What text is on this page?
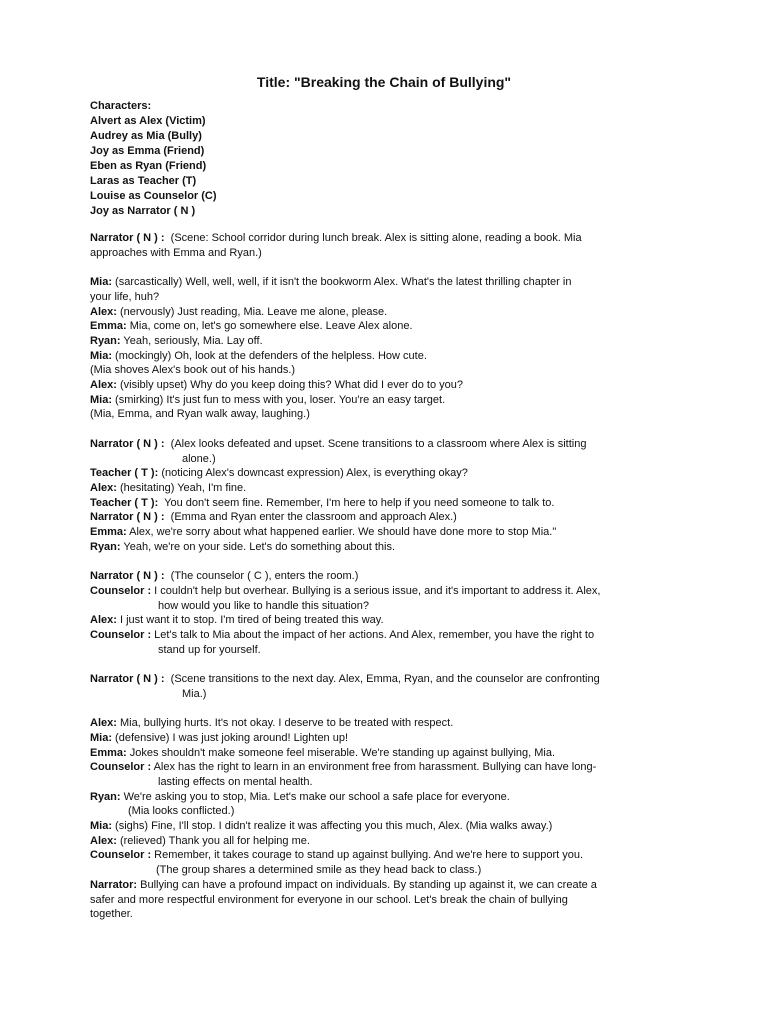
Title: "Breaking the Chain of Bullying"
Characters:
Alvert as Alex (Victim)
Audrey as Mia (Bully)
Joy as Emma (Friend)
Eben as Ryan (Friend)
Laras as Teacher (T)
Louise as Counselor (C)
Joy as Narrator ( N )
Narrator ( N ) :  (Scene: School corridor during lunch break. Alex is sitting alone, reading a book. Mia
approaches with Emma and Ryan.)
Mia: (sarcastically) Well, well, well, if it isn't the bookworm Alex. What's the latest thrilling chapter in
your life, huh?
Alex: (nervously) Just reading, Mia. Leave me alone, please.
Emma: Mia, come on, let's go somewhere else. Leave Alex alone.
Ryan: Yeah, seriously, Mia. Lay off.
Mia: (mockingly) Oh, look at the defenders of the helpless. How cute.
(Mia shoves Alex's book out of his hands.)
Alex: (visibly upset) Why do you keep doing this? What did I ever do to you?
Mia: (smirking) It's just fun to mess with you, loser. You're an easy target.
(Mia, Emma, and Ryan walk away, laughing.)
Narrator ( N ) :  (Alex looks defeated and upset. Scene transitions to a classroom where Alex is sitting
alone.)
Teacher ( T ): (noticing Alex's downcast expression) Alex, is everything okay?
Alex: (hesitating) Yeah, I'm fine.
Teacher ( T ):  You don't seem fine. Remember, I'm here to help if you need someone to talk to.
Narrator ( N ) :  (Emma and Ryan enter the classroom and approach Alex.)
Emma: Alex, we're sorry about what happened earlier. We should have done more to stop Mia."
Ryan: Yeah, we're on your side. Let's do something about this.
Narrator ( N ) :  (The counselor ( C ), enters the room.)
Counselor : I couldn't help but overhear. Bullying is a serious issue, and it's important to address it. Alex,
how would you like to handle this situation?
Alex: I just want it to stop. I'm tired of being treated this way.
Counselor : Let's talk to Mia about the impact of her actions. And Alex, remember, you have the right to
stand up for yourself.
Narrator ( N ) :  (Scene transitions to the next day. Alex, Emma, Ryan, and the counselor are confronting
Mia.)
Alex: Mia, bullying hurts. It's not okay. I deserve to be treated with respect.
Mia: (defensive) I was just joking around! Lighten up!
Emma: Jokes shouldn't make someone feel miserable. We're standing up against bullying, Mia.
Counselor : Alex has the right to learn in an environment free from harassment. Bullying can have long-
lasting effects on mental health.
Ryan: We're asking you to stop, Mia. Let's make our school a safe place for everyone.
(Mia looks conflicted.)
Mia: (sighs) Fine, I'll stop. I didn't realize it was affecting you this much, Alex. (Mia walks away.)
Alex: (relieved) Thank you all for helping me.
Counselor : Remember, it takes courage to stand up against bullying. And we're here to support you.
(The group shares a determined smile as they head back to class.)
Narrator: Bullying can have a profound impact on individuals. By standing up against it, we can create a
safer and more respectful environment for everyone in our school. Let's break the chain of bullying
together.
